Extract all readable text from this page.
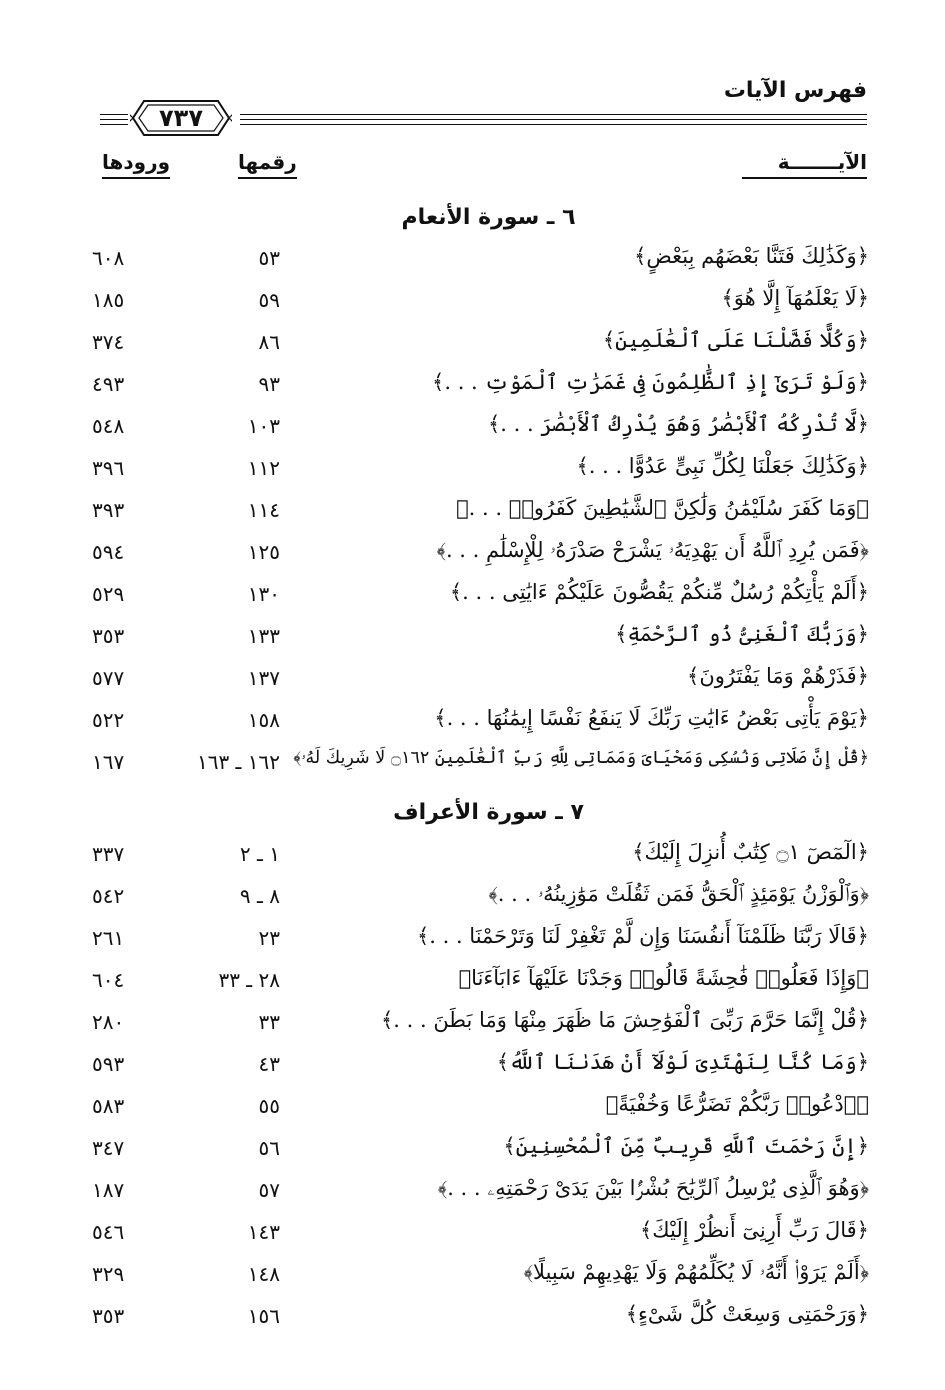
فهرس الآيات
٧٣٧
الآيـــــــة
رقمها
ورودها
٦ ـ سورة الأنعام
﴿وَكَذَٰلِكَ فَتَنَّا بَعْضَهُم بِبَعْضٍ﴾
٥٣
٦٠٨
﴿لَا يَعْلَمُهَآ إِلَّا هُوَ﴾
٥٩
١٨٥
﴿وَكُلًّا فَضَّلْنَا عَلَى ٱلْعَٰلَمِينَ﴾
٨٦
٣٧٤
﴿وَلَوْ تَرَىٰٓ إِذِ ٱلظَّٰلِمُونَ فِى غَمَرَٰتِ ٱلْمَوْتِ . . .﴾
٩٣
٤٩٣
﴿لَّا تُدْرِكُهُ ٱلْأَبْصَٰرُ وَهُوَ يُدْرِكُ ٱلْأَبْصَٰرَ . . .﴾
١٠٣
٥٤٨
﴿وَكَذَٰلِكَ جَعَلْنَا لِكُلِّ نَبِىٍّ عَدُوًّا . . .﴾
١١٢
٣٩٦
﴿وَمَا كَفَرَ سُلَيْمَٰنُ وَلَٰكِنَّ ٱلشَّيَٰطِينَ كَفَرُوا۟ . . .﴾
١١٤
٣٩٣
﴿فَمَن يُرِدِ ٱللَّهُ أَن يَهْدِيَهُۥ يَشْرَحْ صَدْرَهُۥ لِلْإِسْلَٰمِ . . .﴾
١٢٥
٥٩٤
﴿أَلَمْ يَأْتِكُمْ رُسُلٌ مِّنكُمْ يَقُصُّونَ عَلَيْكُمْ ءَايَٰتِى . . .﴾
١٣٠
٥٢٩
﴿وَرَبُّكَ ٱلْغَنِىُّ ذُو ٱلرَّحْمَةِ﴾
١٣٣
٣٥٣
﴿فَذَرْهُمْ وَمَا يَفْتَرُونَ﴾
١٣٧
٥٧٧
﴿يَوْمَ يَأْتِى بَعْضُ ءَايَٰتِ رَبِّكَ لَا يَنفَعُ نَفْسًا إِيمَٰنُهَا . . .﴾
١٥٨
٥٢٢
﴿قُلْ إِنَّ صَلَاتِى وَنُسُكِى وَمَحْيَاىَ وَمَمَاتِى لِلَّهِ رَبِّ ٱلْعَٰلَمِينَ ۝١٦٢ لَا شَرِيكَ لَهُۥ﴾
١٦٢ ـ ١٦٣
١٦٧
٧ ـ سورة الأعراف
﴿الٓمٓصٓ ۝١ كِتَٰبٌ أُنزِلَ إِلَيْكَ﴾
١ ـ ٢
٣٣٧
﴿وَٱلْوَزْنُ يَوْمَئِذٍ ٱلْحَقُّ فَمَن ثَقُلَتْ مَوَٰزِينُهُۥ . . .﴾
٨ ـ ٩
٥٤٢
﴿قَالَا رَبَّنَا ظَلَمْنَآ أَنفُسَنَا وَإِن لَّمْ تَغْفِرْ لَنَا وَتَرْحَمْنَا . . .﴾
٢٣
٢٦١
﴿وَإِذَا فَعَلُوا۟ فَٰحِشَةً قَالُوا۟ وَجَدْنَا عَلَيْهَآ ءَابَآءَنَا﴾
٢٨ ـ ٣٣
٦٠٤
﴿قُلْ إِنَّمَا حَرَّمَ رَبِّىَ ٱلْفَوَٰحِشَ مَا ظَهَرَ مِنْهَا وَمَا بَطَنَ . . .﴾
٣٣
٢٨٠
﴿وَمَا كُنَّا لِنَهْتَدِىَ لَوْلَآ أَنْ هَدَىٰنَا ٱللَّهُ﴾
٤٣
٥٩٣
﴿ٱدْعُوا۟ رَبَّكُمْ تَضَرُّعًا وَخُفْيَةً﴾
٥٥
٥٨٣
﴿إِنَّ رَحْمَتَ ٱللَّهِ قَرِيبٌ مِّنَ ٱلْمُحْسِنِينَ﴾
٥٦
٣٤٧
﴿وَهُوَ ٱلَّذِى يُرْسِلُ ٱلرِّيَٰحَ بُشْرًۢا بَيْنَ يَدَىْ رَحْمَتِهِۦ . . .﴾
٥٧
١٨٧
﴿قَالَ رَبِّ أَرِنِىٓ أَنظُرْ إِلَيْكَ﴾
١٤٣
٥٤٦
﴿أَلَمْ يَرَوْا۟ أَنَّهُۥ لَا يُكَلِّمُهُمْ وَلَا يَهْدِيهِمْ سَبِيلًا﴾
١٤٨
٣٢٩
﴿وَرَحْمَتِى وَسِعَتْ كُلَّ شَىْءٍ﴾
١٥٦
٣٥٣
